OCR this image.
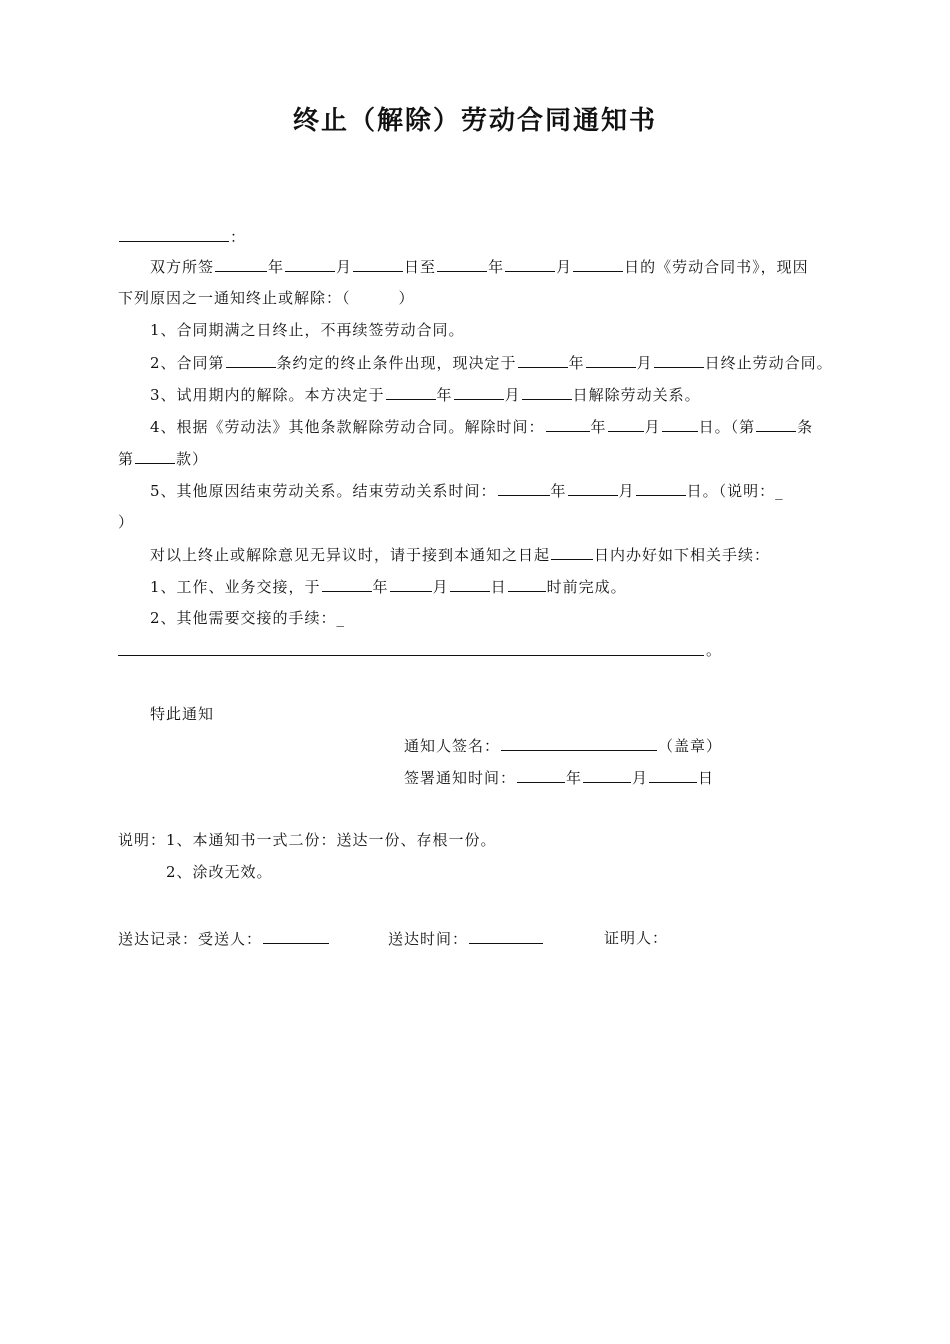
终止（解除）劳动合同通知书
：
双方所签	年	月	日至	年	月	日的《劳动合同书》，现因
下列原因之一通知终止或解除：（　　　）
1、合同期满之日终止，不再续签劳动合同。
2、合同第	条约定的终止条件出现，现决定于	年	月	日终止劳动合同。
3、试用期内的解除。本方决定于	年	月	日解除劳动关系。
4、根据《劳动法》其他条款解除劳动合同。解除时间：	年	月	日。（第	条
第	款）
5、其他原因结束劳动关系。结束劳动关系时间：	年	月	日。（说明：_
）
对以上终止或解除意见无异议时，请于接到本通知之日起	日内办好如下相关手续：
1、工作、业务交接，于	年	月	日	时前完成。
2、其他需要交接的手续：_
。
特此通知
通知人签名：	（盖章）
签署通知时间：	年	月	日
说明：1、本通知书一式二份：送达一份、存根一份。
2、涂改无效。
送达记录：受送人：	送达时间：	证明人：
